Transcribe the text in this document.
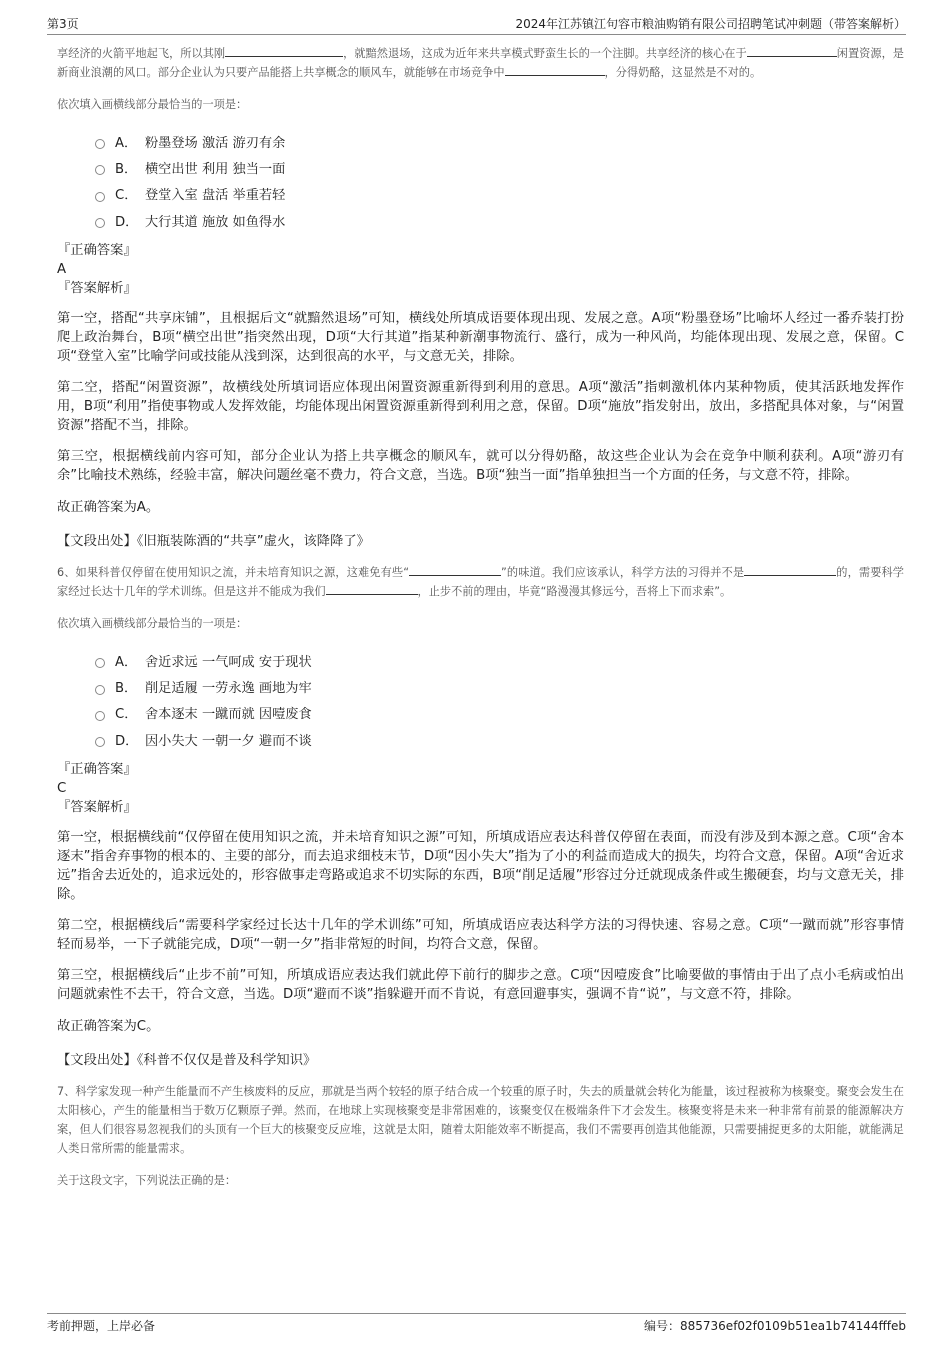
第3页	2024年江苏镇江句容市粮油购销有限公司招聘笔试冲刺题（带答案解析）

享经济的火箭平地起飞，所以其刚	，就黯然退场，这成为近年来共享模式野蛮生长的一个注脚。共享经济的核心在于	闲置资源，是新商业浪潮的风口。部分企业认为只要产品能搭上共享概念的顺风车，就能够在市场竞争中	，分得奶酪，这显然是不对的。

依次填入画横线部分最恰当的一项是：

A． 粉墨登场 激活 游刃有余
B． 横空出世 利用 独当一面
C． 登堂入室 盘活 举重若轻
D． 大行其道 施放 如鱼得水

『正确答案』

A

『答案解析』

第一空，搭配“共享床铺”，且根据后文“就黯然退场”可知，横线处所填成语要体现出现、发展之意。A项“粉墨登场”比喻坏人经过一番乔装打扮爬上政治舞台，B项“横空出世”指突然出现，D项“大行其道”指某种新潮事物流行、盛行，成为一种风尚，均能体现出现、发展之意，保留。C项“登堂入室”比喻学问或技能从浅到深，达到很高的水平，与文意无关，排除。

第二空，搭配“闲置资源”，故横线处所填词语应体现出闲置资源重新得到利用的意思。A项“激活”指刺激机体内某种物质，使其活跃地发挥作用，B项“利用”指使事物或人发挥效能，均能体现出闲置资源重新得到利用之意，保留。D项“施放”指发射出，放出，多搭配具体对象，与“闲置资源”搭配不当，排除。

第三空，根据横线前内容可知，部分企业认为搭上共享概念的顺风车，就可以分得奶酪，故这些企业认为会在竞争中顺利获利。A项“游刃有余”比喻技术熟练，经验丰富，解决问题丝毫不费力，符合文意，当选。B项“独当一面”指单独担当一个方面的任务，与文意不符，排除。

故正确答案为A。

【文段出处】《旧瓶装陈酒的“共享”虚火，该降降了》

6、如果科普仅停留在使用知识之流，并未培育知识之源，这难免有些“	”的味道。我们应该承认，科学方法的习得并不是	的，需要科学家经过长达十几年的学术训练。但是这并不能成为我们	，止步不前的理由，毕竟“路漫漫其修远兮，吾将上下而求索”。

依次填入画横线部分最恰当的一项是：

A． 舍近求远 一气呵成 安于现状
B． 削足适履 一劳永逸 画地为牢
C． 舍本逐末 一蹴而就 因噎废食
D． 因小失大 一朝一夕 避而不谈

『正确答案』

C

『答案解析』

第一空，根据横线前“仅停留在使用知识之流，并未培育知识之源”可知，所填成语应表达科普仅停留在表面，而没有涉及到本源之意。C项“舍本逐末”指舍弃事物的根本的、主要的部分，而去追求细枝末节，D项“因小失大”指为了小的利益而造成大的损失，均符合文意，保留。A项“舍近求远”指舍去近处的，追求远处的，形容做事走弯路或追求不切实际的东西，B项“削足适履”形容过分迁就现成条件或生搬硬套，均与文意无关，排除。

第二空，根据横线后“需要科学家经过长达十几年的学术训练”可知，所填成语应表达科学方法的习得快速、容易之意。C项“一蹴而就”形容事情轻而易举，一下子就能完成，D项“一朝一夕”指非常短的时间，均符合文意，保留。

第三空，根据横线后“止步不前”可知，所填成语应表达我们就此停下前行的脚步之意。C项“因噎废食”比喻要做的事情由于出了点小毛病或怕出问题就索性不去干，符合文意，当选。D项“避而不谈”指躲避开而不肯说，有意回避事实，强调不肯“说”，与文意不符，排除。

故正确答案为C。

【文段出处】《科普不仅仅是普及科学知识》

7、科学家发现一种产生能量而不产生核废料的反应，那就是当两个较轻的原子结合成一个较重的原子时，失去的质量就会转化为能量，该过程被称为核聚变。聚变会发生在太阳核心，产生的能量相当于数万亿颗原子弹。然而，在地球上实现核聚变是非常困难的，该聚变仅在极端条件下才会发生。核聚变将是未来一种非常有前景的能源解决方案，但人们很容易忽视我们的头顶有一个巨大的核聚变反应堆，这就是太阳，随着太阳能效率不断提高，我们不需要再创造其他能源，只需要捕捉更多的太阳能，就能满足人类日常所需的能量需求。

关于这段文字，下列说法正确的是：

考前押题，上岸必备	编号：885736ef02f0109b51ea1b74144fffeb
